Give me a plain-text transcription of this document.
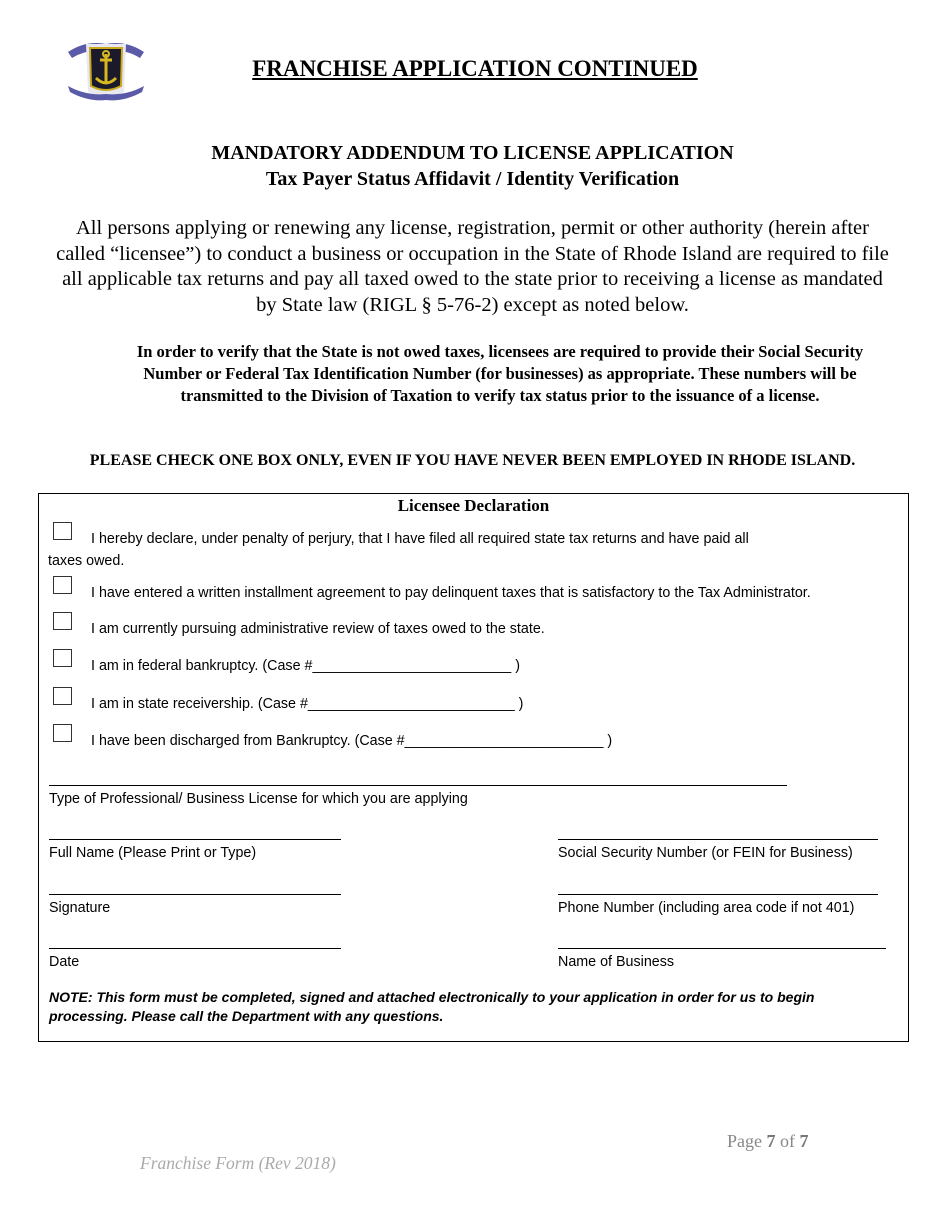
FRANCHISE APPLICATION CONTINUED
MANDATORY ADDENDUM TO LICENSE APPLICATION
Tax Payer Status Affidavit / Identity Verification
All persons applying or renewing any license, registration, permit or other authority (herein after called “licensee”) to conduct a business or occupation in the State of Rhode Island are required to file all applicable tax returns and pay all taxed owed to the state prior to receiving a license as mandated by State law (RIGL § 5-76-2) except as noted below.
In order to verify that the State is not owed taxes, licensees are required to provide their Social Security Number or Federal Tax Identification Number (for businesses) as appropriate. These numbers will be transmitted to the Division of Taxation to verify tax status prior to the issuance of a license.
PLEASE CHECK ONE BOX ONLY, EVEN IF YOU HAVE NEVER BEEN EMPLOYED IN RHODE ISLAND.
Licensee Declaration
I hereby declare, under penalty of perjury, that I have filed all required state tax returns and have paid all
taxes owed.
I have entered a written installment agreement to pay delinquent taxes that is satisfactory to the Tax Administrator.
I am currently pursuing administrative review of taxes owed to the state.
I am in federal bankruptcy. (Case #_________________________ )
I am in state receivership. (Case #__________________________ )
I have been discharged from Bankruptcy. (Case #_________________________ )
Type of Professional/ Business License for which you are applying
Full Name (Please Print or Type)	Social Security Number (or FEIN for Business)
Signature	Phone Number (including area code if not 401)
Date	Name of Business
NOTE: This form must be completed, signed and attached electronically to your application in order for us to begin processing. Please call the Department with any questions.
Page 7 of 7
Franchise Form (Rev 2018)
